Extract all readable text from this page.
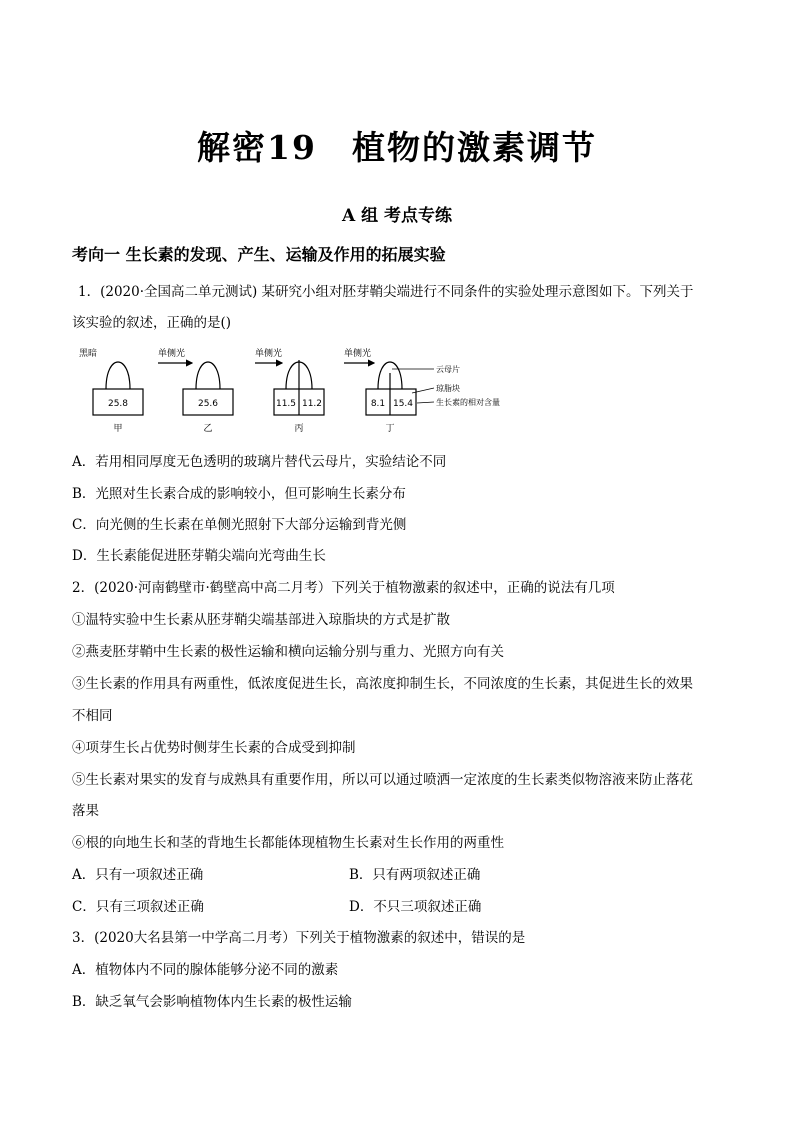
解密19　植物的激素调节
A 组 考点专练
考向一 生长素的发现、产生、运输及作用的拓展实验
1．(2020·全国高二单元测试) 某研究小组对胚芽鞘尖端进行不同条件的实验处理示意图如下。下列关于
该实验的叙述，正确的是()
黑暗
25.8
甲
单侧光
25.6
乙
单侧光
11.5 11.2
丙
单侧光
8.1 15.4
丁
云母片
琼脂块
生长素的相对含量
A．若用相同厚度无色透明的玻璃片替代云母片，实验结论不同
B．光照对生长素合成的影响较小，但可影响生长素分布
C．向光侧的生长素在单侧光照射下大部分运输到背光侧
D．生长素能促进胚芽鞘尖端向光弯曲生长
2．(2020·河南鹤壁市·鹤壁高中高二月考）下列关于植物激素的叙述中，正确的说法有几项
①温特实验中生长素从胚芽鞘尖端基部进入琼脂块的方式是扩散
②燕麦胚芽鞘中生长素的极性运输和横向运输分别与重力、光照方向有关
③生长素的作用具有两重性，低浓度促进生长，高浓度抑制生长，不同浓度的生长素，其促进生长的效果
不相同
④项芽生长占优势时侧芽生长素的合成受到抑制
⑤生长素对果实的发育与成熟具有重要作用，所以可以通过喷洒一定浓度的生长素类似物溶液来防止落花
落果
⑥根的向地生长和茎的背地生长都能体现植物生长素对生长作用的两重性
A．只有一项叙述正确	B．只有两项叙述正确
C．只有三项叙述正确	D．不只三项叙述正确
3．(2020大名县第一中学高二月考）下列关于植物激素的叙述中，错误的是
A．植物体内不同的腺体能够分泌不同的激素
B．缺乏氧气会影响植物体内生长素的极性运输
